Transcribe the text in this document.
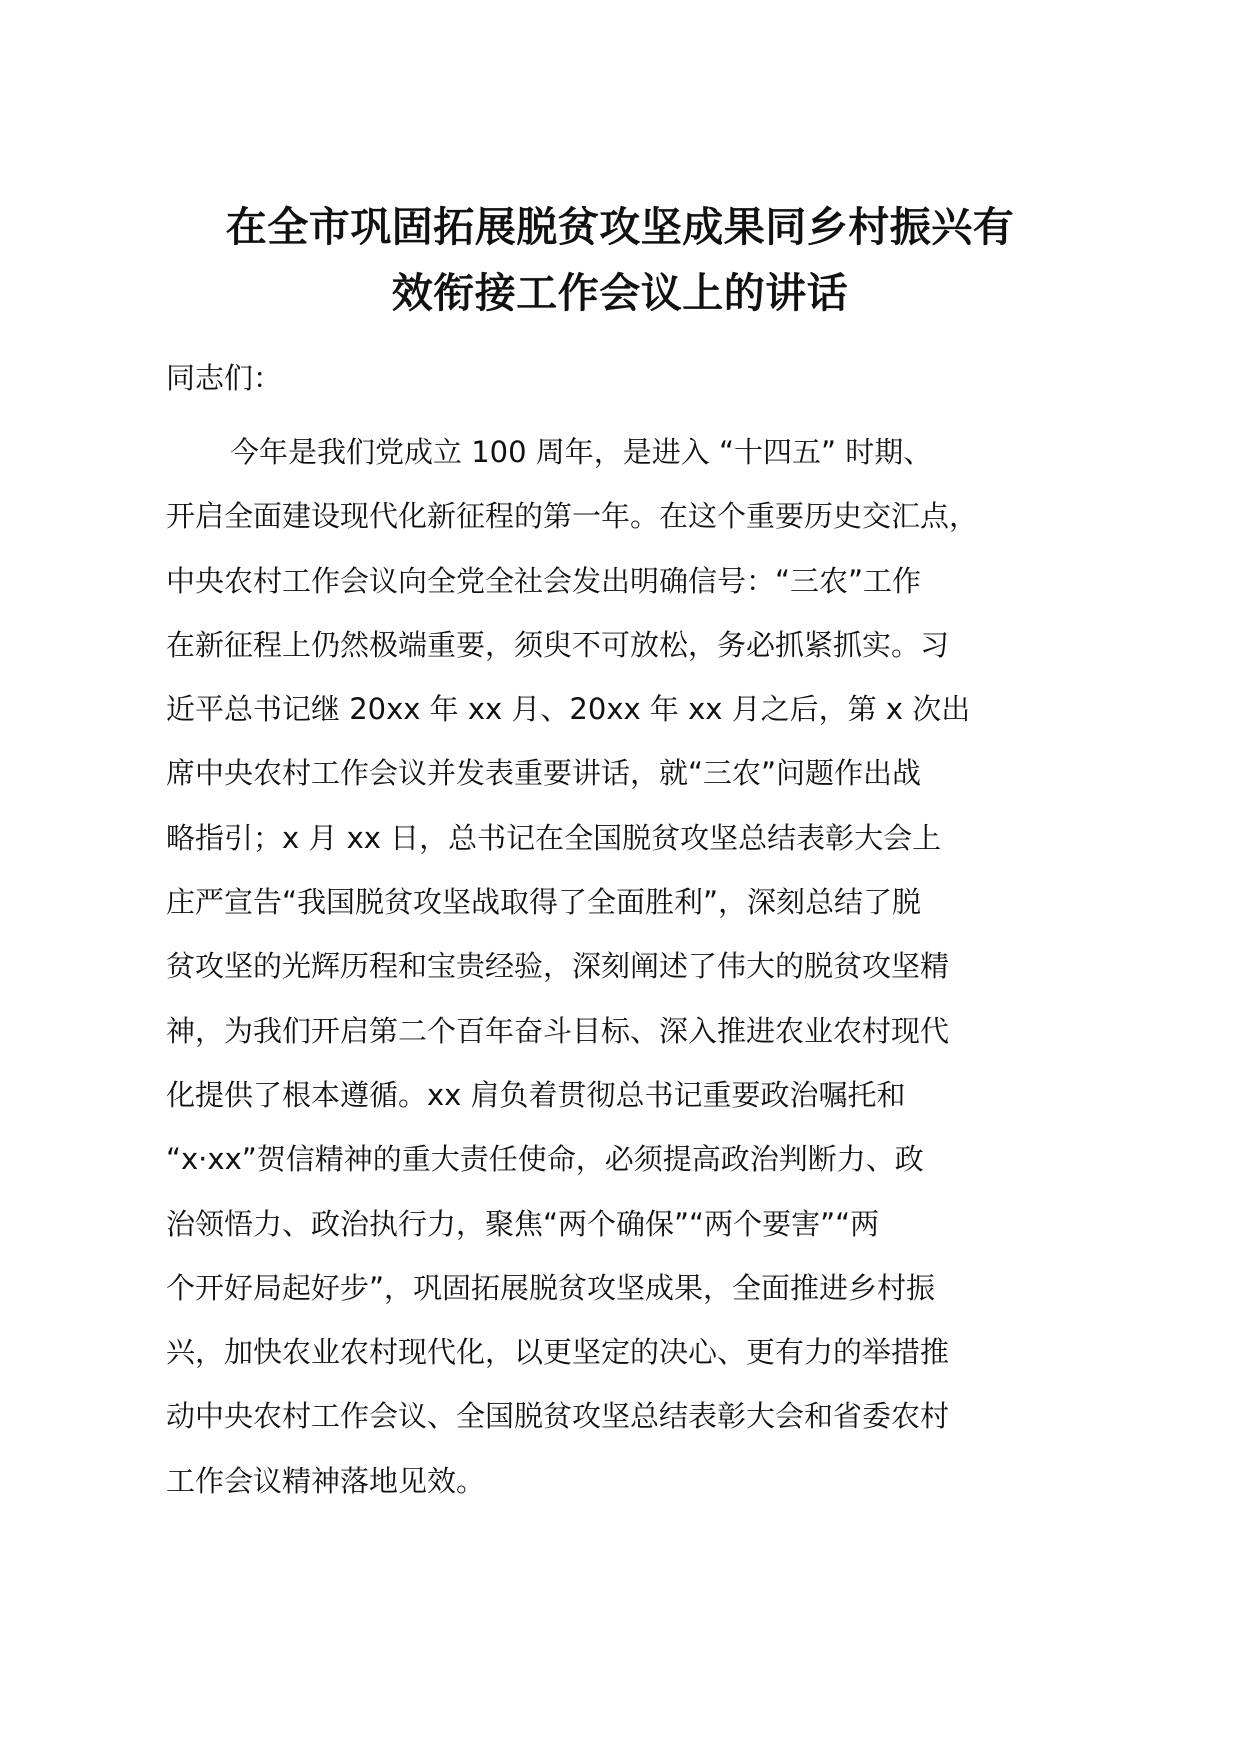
在全市巩固拓展脱贫攻坚成果同乡村振兴有
效衔接工作会议上的讲话

同志们：

今年是我们党成立 100 周年，是进入 “十四五” 时期、
开启全面建设现代化新征程的第一年。在这个重要历史交汇点，
中央农村工作会议向全党全社会发出明确信号：“三农”工作
在新征程上仍然极端重要，须臾不可放松，务必抓紧抓实。习
近平总书记继 20xx 年 xx 月、20xx 年 xx 月之后，第 x 次出
席中央农村工作会议并发表重要讲话，就“三农”问题作出战
略指引；x 月 xx 日，总书记在全国脱贫攻坚总结表彰大会上
庄严宣告“我国脱贫攻坚战取得了全面胜利”，深刻总结了脱
贫攻坚的光辉历程和宝贵经验，深刻阐述了伟大的脱贫攻坚精
神，为我们开启第二个百年奋斗目标、深入推进农业农村现代
化提供了根本遵循。xx 肩负着贯彻总书记重要政治嘱托和
“x·xx”贺信精神的重大责任使命，必须提高政治判断力、政
治领悟力、政治执行力，聚焦“两个确保”“两个要害”“两
个开好局起好步”，巩固拓展脱贫攻坚成果，全面推进乡村振
兴，加快农业农村现代化，以更坚定的决心、更有力的举措推
动中央农村工作会议、全国脱贫攻坚总结表彰大会和省委农村
工作会议精神落地见效。
